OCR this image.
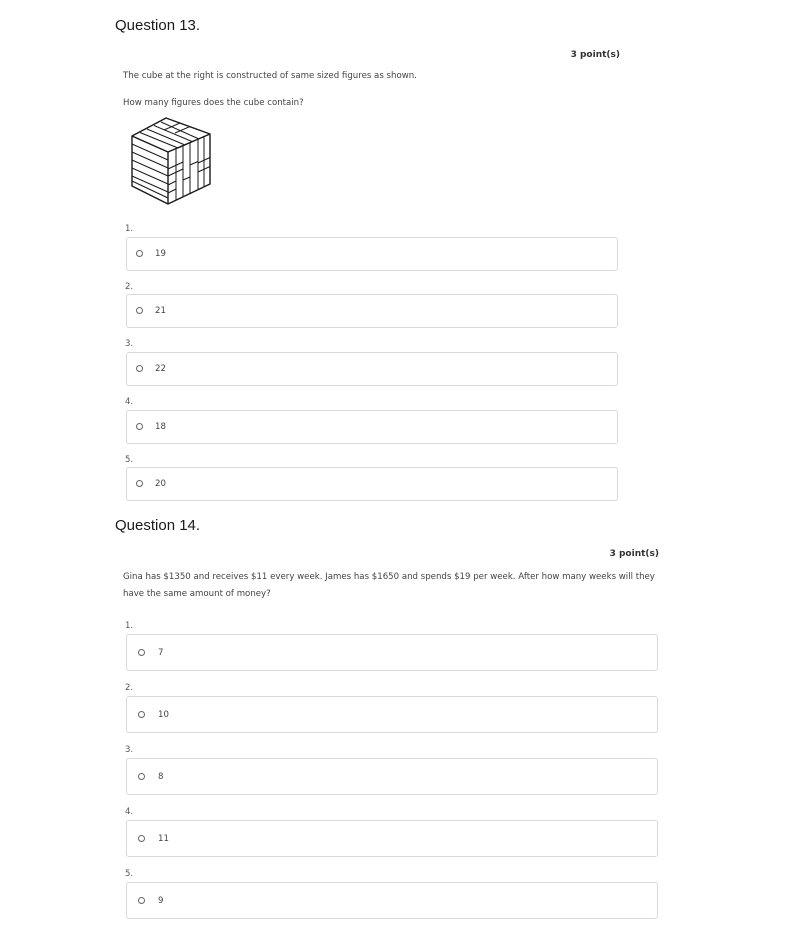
Question 13.
3 point(s)
The cube at the right is constructed of same sized figures as shown.
How many figures does the cube contain?
1.
19
2.
21
3.
22
4.
18
5.
20
Question 14.
3 point(s)
Gina has $1350 and receives $11 every week. James has $1650 and spends $19 per week. After how many weeks will they have the same amount of money?
1.
7
2.
10
3.
8
4.
11
5.
9
